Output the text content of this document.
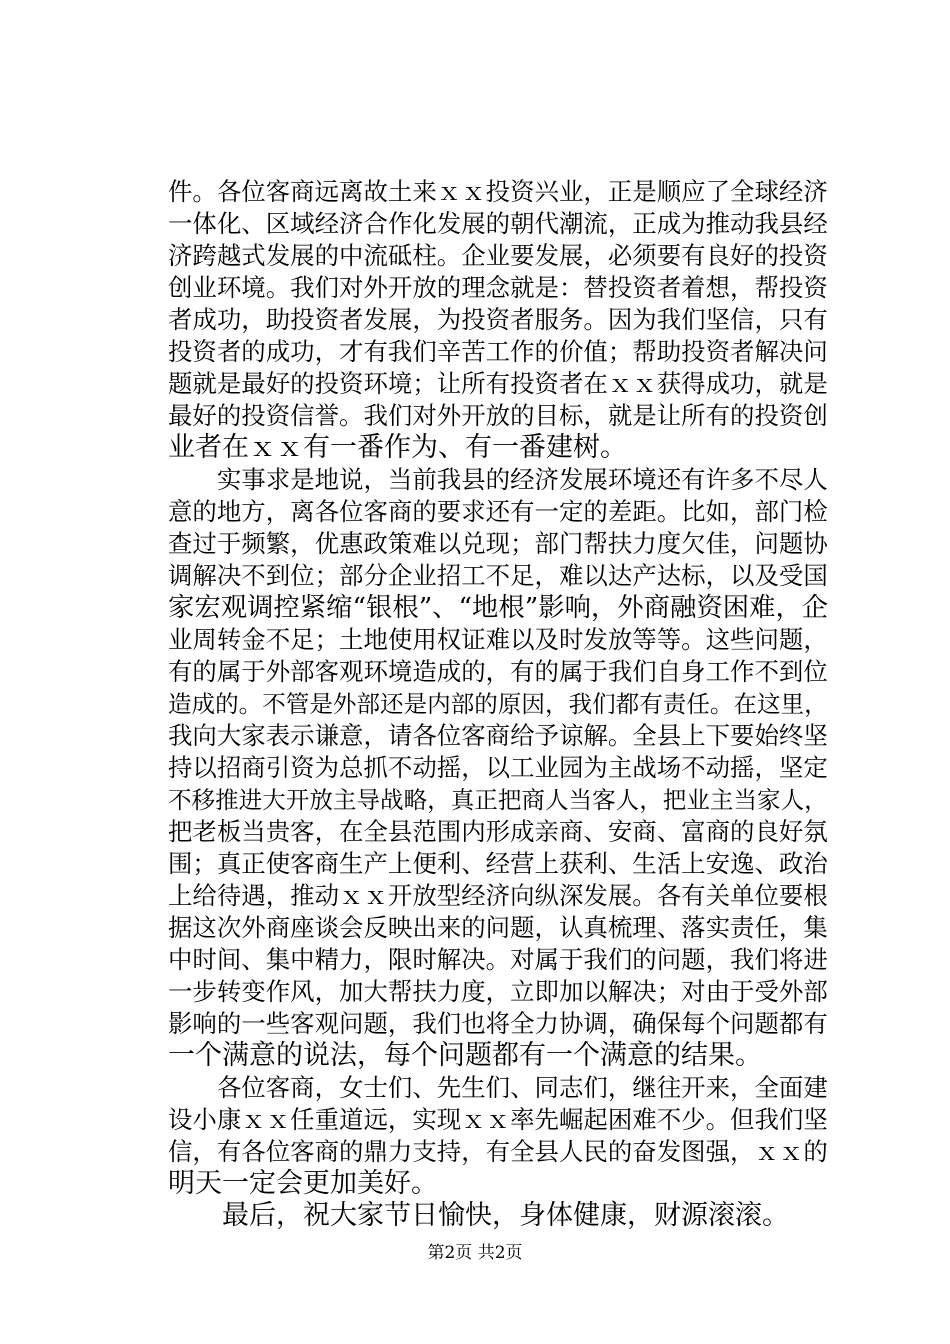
件。各位客商远离故土来ｘｘ投资兴业，正是顺应了全球经济
一体化、区域经济合作化发展的朝代潮流，正成为推动我县经
济跨越式发展的中流砥柱。企业要发展，必须要有良好的投资
创业环境。我们对外开放的理念就是：替投资者着想，帮投资
者成功，助投资者发展，为投资者服务。因为我们坚信，只有
投资者的成功，才有我们辛苦工作的价值；帮助投资者解决问
题就是最好的投资环境；让所有投资者在ｘｘ获得成功，就是
最好的投资信誉。我们对外开放的目标，就是让所有的投资创
业者在ｘｘ有一番作为、有一番建树。
　　实事求是地说，当前我县的经济发展环境还有许多不尽人
意的地方，离各位客商的要求还有一定的差距。比如，部门检
查过于频繁，优惠政策难以兑现；部门帮扶力度欠佳，问题协
调解决不到位；部分企业招工不足，难以达产达标，以及受国
家宏观调控紧缩“银根”、“地根”影响，外商融资困难，企
业周转金不足；土地使用权证难以及时发放等等。这些问题，
有的属于外部客观环境造成的，有的属于我们自身工作不到位
造成的。不管是外部还是内部的原因，我们都有责任。在这里，
我向大家表示谦意，请各位客商给予谅解。全县上下要始终坚
持以招商引资为总抓不动摇，以工业园为主战场不动摇，坚定
不移推进大开放主导战略，真正把商人当客人，把业主当家人，
把老板当贵客，在全县范围内形成亲商、安商、富商的良好氛
围；真正使客商生产上便利、经营上获利、生活上安逸、政治
上给待遇，推动ｘｘ开放型经济向纵深发展。各有关单位要根
据这次外商座谈会反映出来的问题，认真梳理、落实责任，集
中时间、集中精力，限时解决。对属于我们的问题，我们将进
一步转变作风，加大帮扶力度，立即加以解决；对由于受外部
影响的一些客观问题，我们也将全力协调，确保每个问题都有
一个满意的说法，每个问题都有一个满意的结果。
　　各位客商，女士们、先生们、同志们，继往开来，全面建
设小康ｘｘ任重道远，实现ｘｘ率先崛起困难不少。但我们坚
信，有各位客商的鼎力支持，有全县人民的奋发图强，ｘｘ的
明天一定会更加美好。
　　最后，祝大家节日愉快，身体健康，财源滚滚。
第2页 共2页
